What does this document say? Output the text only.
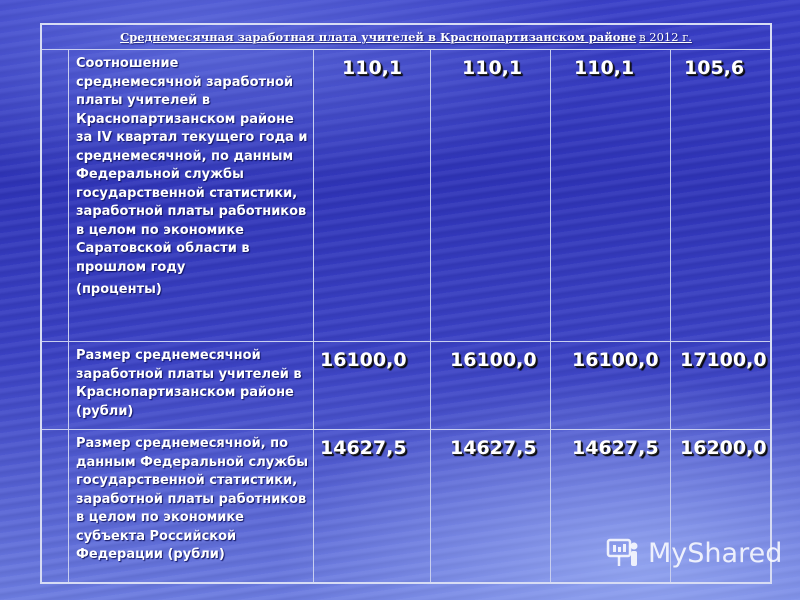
Среднемесячная заработная плата учителей в Краснопартизанском районе в 2012 г.
Соотношение среднемесячной заработной платы учителей в Краснопартизанском районе за IV квартал текущего года и среднемесячной, по данным Федеральной службы государственной статистики, заработной платы работников в целом по экономике Саратовской области в прошлом году
(проценты)
110,1	110,1	110,1	105,6
Размер среднемесячной заработной платы учителей в Краснопартизанском районе (рубли)
16100,0 16100,0 16100,0 17100,0
Размер среднемесячной, по данным Федеральной службы государственной статистики, заработной платы работников в целом по экономике субъекта Российской Федерации (рубли)
14627,5 14627,5 14627,5 16200,0
MyShared
